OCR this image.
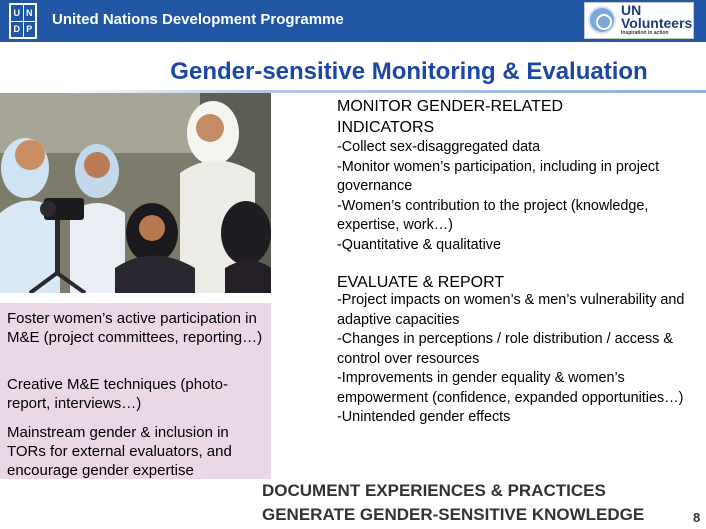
U N
D P
United Nations Development Programme
UN
Volunteers
Inspiration in action
Gender-sensitive Monitoring & Evaluation
Foster women’s active participation in M&E (project committees, reporting…)
Creative M&E techniques (photo-report, interviews…)
Mainstream gender & inclusion in TORs for external evaluators, and encourage gender expertise
MONITOR GENDER-RELATED INDICATORS
-Collect sex-disaggregated data
-Monitor women’s participation, including in project governance
-Women’s contribution to the project (knowledge, expertise, work…)
-Quantitative & qualitative
EVALUATE & REPORT
-Project impacts on women’s & men’s vulnerability and adaptive capacities
-Changes in perceptions / role distribution / access & control over resources
-Improvements in gender equality & women’s empowerment (confidence, expanded opportunities…)
-Unintended gender effects
DOCUMENT EXPERIENCES & PRACTICES
GENERATE GENDER-SENSITIVE KNOWLEDGE	8
